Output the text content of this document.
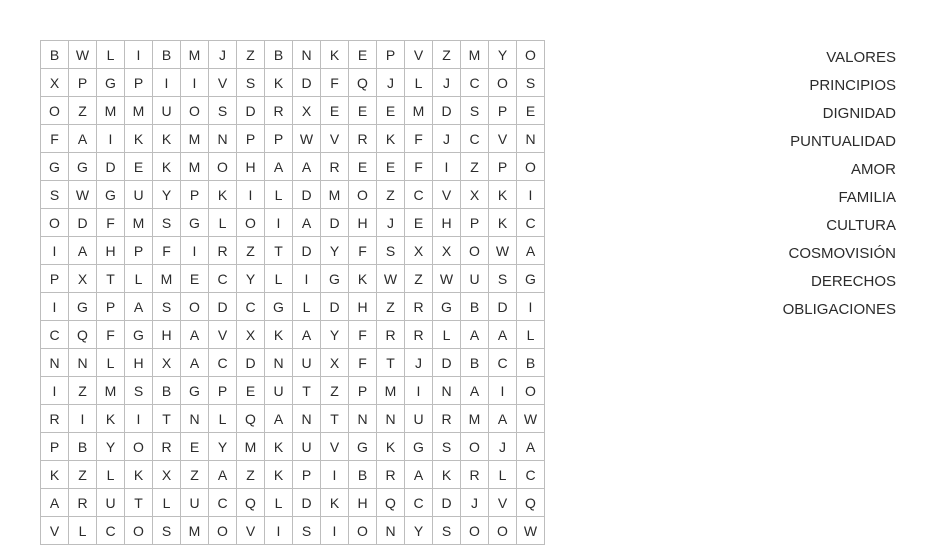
B	W	L	I	B	M	J	Z	B	N	K	E	P	V	Z	M	Y	O
X	P	G	P	I	I	V	S	K	D	F	Q	J	L	J	C	O	S
O	Z	M	M	U	O	S	D	R	X	E	E	E	M	D	S	P	E
F	A	I	K	K	M	N	P	P	W	V	R	K	F	J	C	V	N
G	G	D	E	K	M	O	H	A	A	R	E	E	F	I	Z	P	O
S	W	G	U	Y	P	K	I	L	D	M	O	Z	C	V	X	K	I
O	D	F	M	S	G	L	O	I	A	D	H	J	E	H	P	K	C
I	A	H	P	F	I	R	Z	T	D	Y	F	S	X	X	O	W	A
P	X	T	L	M	E	C	Y	L	I	G	K	W	Z	W	U	S	G
I	G	P	A	S	O	D	C	G	L	D	H	Z	R	G	B	D	I
C	Q	F	G	H	A	V	X	K	A	Y	F	R	R	L	A	A	L
N	N	L	H	X	A	C	D	N	U	X	F	T	J	D	B	C	B
I	Z	M	S	B	G	P	E	U	T	Z	P	M	I	N	A	I	O
R	I	K	I	T	N	L	Q	A	N	T	N	N	U	R	M	A	W
P	B	Y	O	R	E	Y	M	K	U	V	G	K	G	S	O	J	A
K	Z	L	K	X	Z	A	Z	K	P	I	B	R	A	K	R	L	C
A	R	U	T	L	U	C	Q	L	D	K	H	Q	C	D	J	V	Q
V	L	C	O	S	M	O	V	I	S	I	O	N	Y	S	O	O	W
VALORES
PRINCIPIOS
DIGNIDAD
PUNTUALIDAD
AMOR
FAMILIA
CULTURA
COSMOVISIÓN
DERECHOS
OBLIGACIONES
